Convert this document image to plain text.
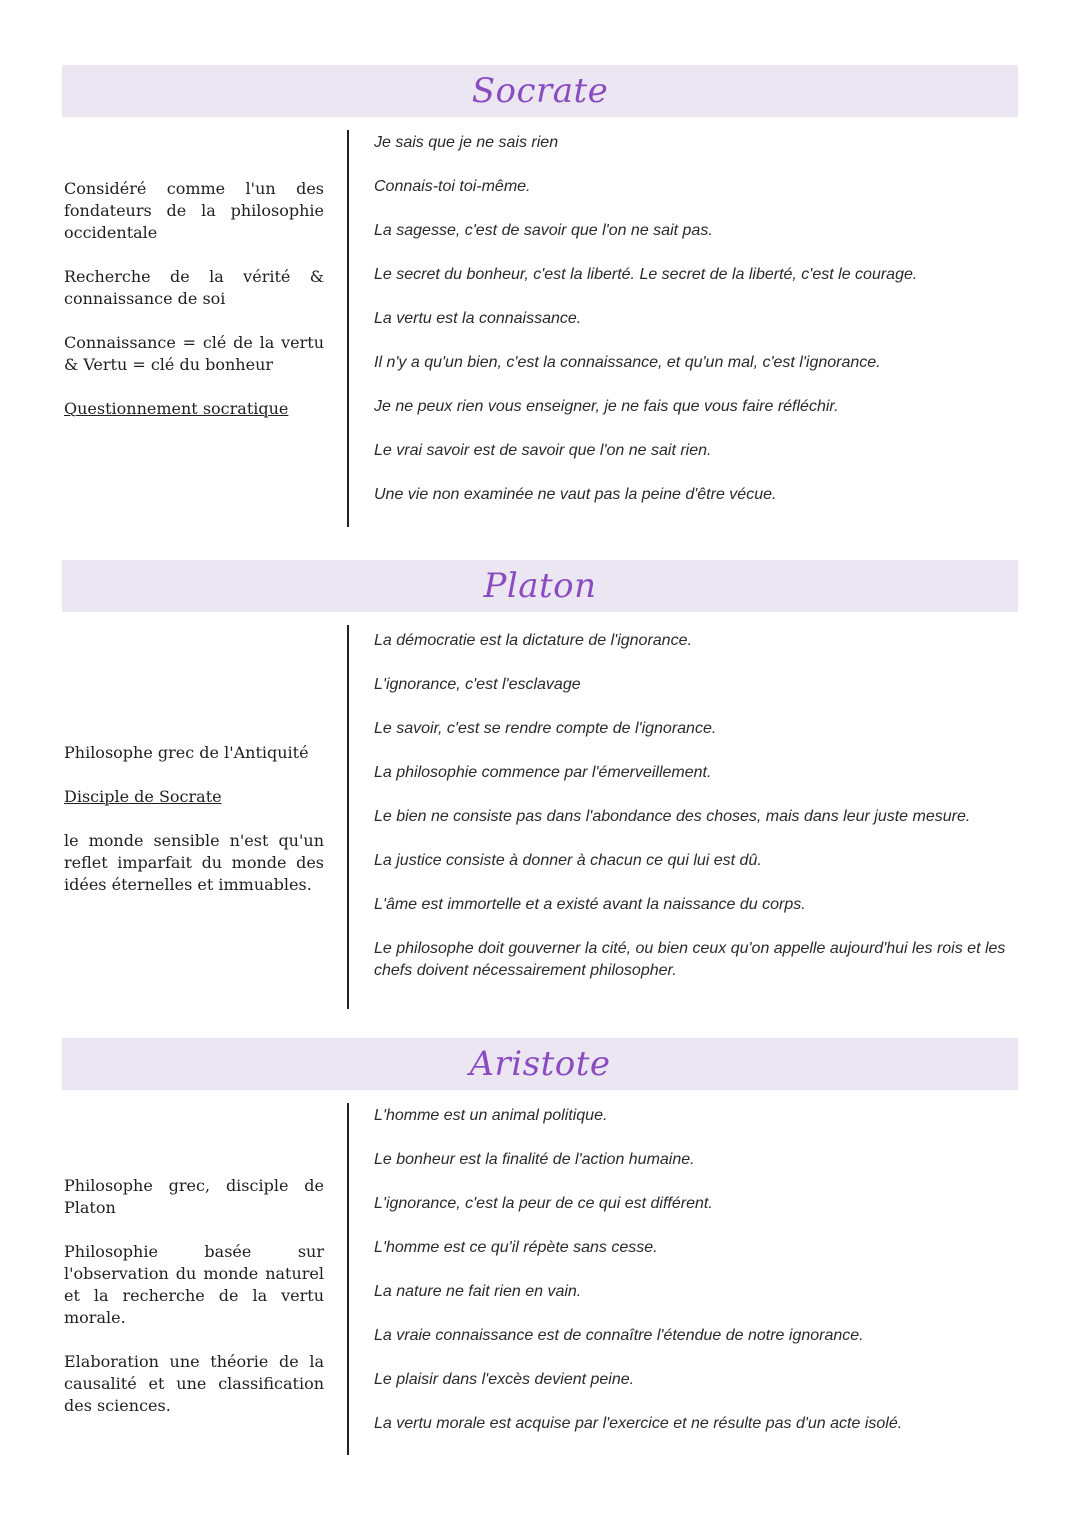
Socrate

Considéré comme l'un des fondateurs de la philosophie occidentale

Recherche de la vérité & connaissance de soi

Connaissance = clé de la vertu & Vertu = clé du bonheur

Questionnement socratique

Je sais que je ne sais rien

Connais-toi toi-même.

La sagesse, c'est de savoir que l'on ne sait pas.

Le secret du bonheur, c'est la liberté. Le secret de la liberté, c'est le courage.

La vertu est la connaissance.

Il n'y a qu'un bien, c'est la connaissance, et qu'un mal, c'est l'ignorance.

Je ne peux rien vous enseigner, je ne fais que vous faire réfléchir.

Le vrai savoir est de savoir que l'on ne sait rien.

Une vie non examinée ne vaut pas la peine d'être vécue.

Platon

Philosophe grec de l'Antiquité

Disciple de Socrate

le monde sensible n'est qu'un reflet imparfait du monde des idées éternelles et immuables.

La démocratie est la dictature de l'ignorance.

L'ignorance, c'est l'esclavage

Le savoir, c'est se rendre compte de l'ignorance.

La philosophie commence par l'émerveillement.

Le bien ne consiste pas dans l'abondance des choses, mais dans leur juste mesure.

La justice consiste à donner à chacun ce qui lui est dû.

L'âme est immortelle et a existé avant la naissance du corps.

Le philosophe doit gouverner la cité, ou bien ceux qu'on appelle aujourd'hui les rois et les chefs doivent nécessairement philosopher.

Aristote

Philosophe grec, disciple de Platon

Philosophie basée sur l'observation du monde naturel et la recherche de la vertu morale.

Elaboration une théorie de la causalité et une classification des sciences.

L'homme est un animal politique.

Le bonheur est la finalité de l'action humaine.

L'ignorance, c'est la peur de ce qui est différent.

L'homme est ce qu'il répète sans cesse.

La nature ne fait rien en vain.

La vraie connaissance est de connaître l'étendue de notre ignorance.

Le plaisir dans l'excès devient peine.

La vertu morale est acquise par l'exercice et ne résulte pas d'un acte isolé.
